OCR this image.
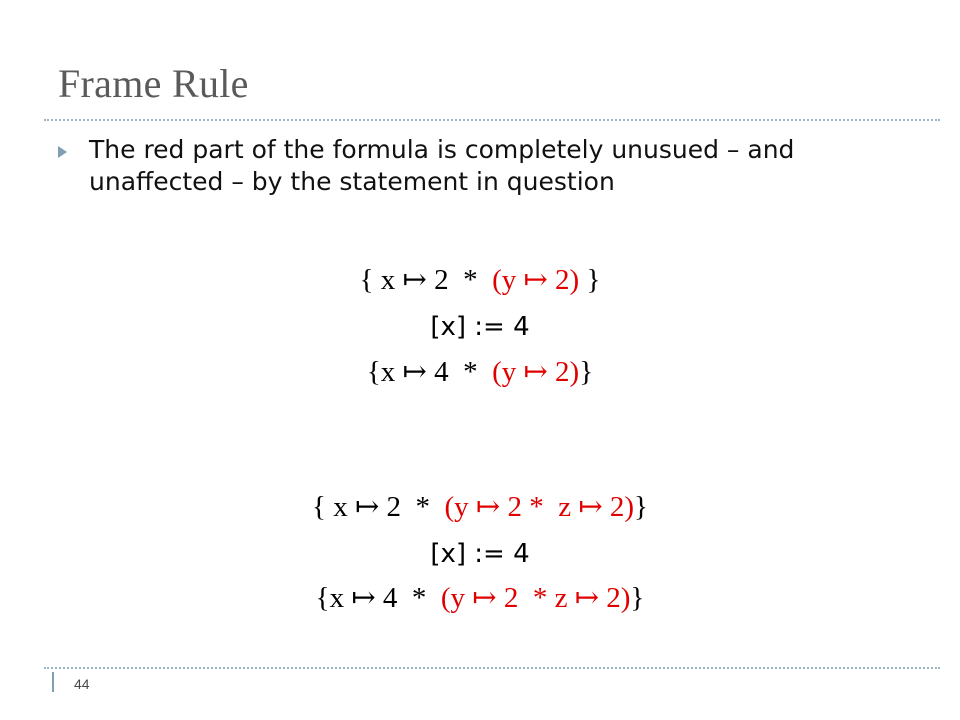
Frame Rule
The red part of the formula is completely unusued – and unaffected – by the statement in question
{ x ↦ 2  *  (y ↦ 2) }
[x] := 4
{x ↦ 4  *  (y ↦ 2)}
{ x ↦ 2  *  (y ↦ 2 *  z ↦ 2)}
[x] := 4
{x ↦ 4  *  (y ↦ 2  * z ↦ 2)}
44
